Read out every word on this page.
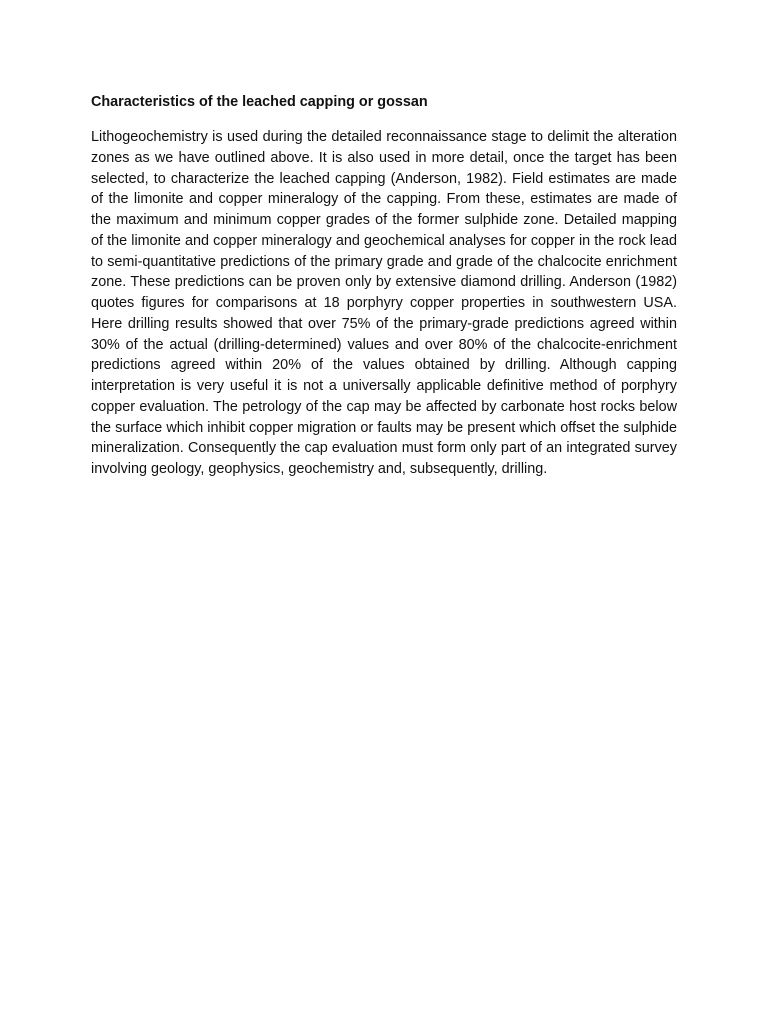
Characteristics of the leached capping or gossan

Lithogeochemistry is used during the detailed reconnaissance stage to delimit the alteration zones as we have outlined above. It is also used in more detail, once the target has been selected, to characterize the leached capping (Anderson, 1982). Field estimates are made of the limonite and copper mineralogy of the capping. From these, estimates are made of the maximum and minimum copper grades of the former sulphide zone. Detailed mapping of the limonite and copper mineralogy and geochemical analyses for copper in the rock lead to semi-quantitative predictions of the primary grade and grade of the chalcocite enrichment zone. These predictions can be proven only by extensive diamond drilling. Anderson (1982) quotes figures for comparisons at 18 porphyry copper properties in southwestern USA. Here drilling results showed that over 75% of the primary-grade predictions agreed within 30% of the actual (drilling-determined) values and over 80% of the chalcocite-enrichment predictions agreed within 20% of the values obtained by drilling. Although capping interpretation is very useful it is not a universally applicable definitive method of porphyry copper evaluation. The petrology of the cap may be affected by carbonate host rocks below the surface which inhibit copper migration or faults may be present which offset the sulphide mineralization. Consequently the cap evaluation must form only part of an integrated survey involving geology, geophysics, geochemistry and, subsequently, drilling.
